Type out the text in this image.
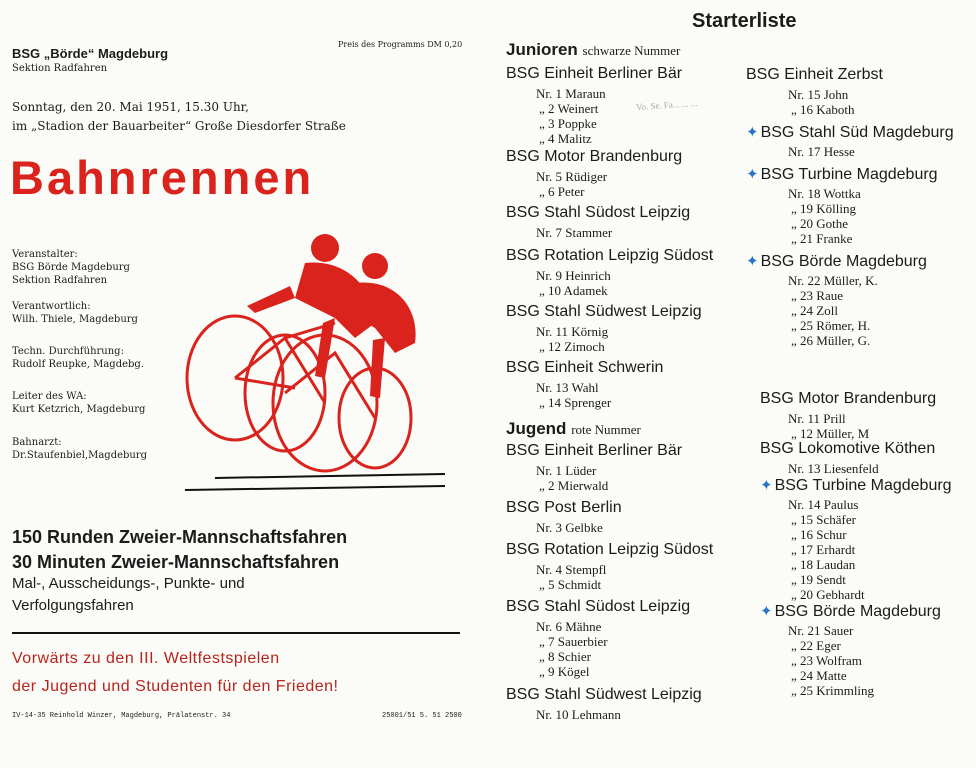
BSG „Börde“ Magdeburg
Sektion Radfahren
Preis des Programms DM 0,20
Sonntag, den 20. Mai 1951, 15.30 Uhr,
im „Stadion der Bauarbeiter“ Große Diesdorfer Straße
Bahnrennen
Veranstalter:
BSG Börde Magdeburg
Sektion Radfahren
Verantwortlich:
Wilh. Thiele, Magdeburg
Techn. Durchführung:
Rudolf Reupke, Magdebg.
Leiter des WA:
Kurt Ketzrich, Magdeburg
Bahnarzt:
Dr.Staufenbiel,Magdeburg
150 Runden Zweier-Mannschaftsfahren
30 Minuten Zweier-Mannschaftsfahren
Mal-, Ausscheidungs-, Punkte- und
Verfolgungsfahren
Vorwärts zu den III. Weltfestspielen
der Jugend und Studenten für den Frieden!
IV-14-35 Reinhold Winzer, Magdeburg, Prälatenstr. 34	25001/51 5. 51 2500
Starterliste
Vo. Se. Fa... ... ...
Junioren schwarze Nummer
BSG Einheit Berliner Bär
Nr. 1 Maraun
„ 2 Weinert
„ 3 Poppke
„ 4 Malitz
BSG Motor Brandenburg
Nr. 5 Rüdiger
„ 6 Peter
BSG Stahl Südost Leipzig
Nr. 7 Stammer
BSG Rotation Leipzig Südost
Nr. 9 Heinrich
„ 10 Adamek
BSG Stahl Südwest Leipzig
Nr. 11 Körnig
„ 12 Zimoch
BSG Einheit Schwerin
Nr. 13 Wahl
„ 14 Sprenger
Jugend rote Nummer
BSG Einheit Berliner Bär
Nr. 1 Lüder
„ 2 Mierwald
BSG Post Berlin
Nr. 3 Gelbke
BSG Rotation Leipzig Südost
Nr. 4 Stempfl
„ 5 Schmidt
BSG Stahl Südost Leipzig
Nr. 6 Mähne
„ 7 Sauerbier
„ 8 Schier
„ 9 Kögel
BSG Stahl Südwest Leipzig
Nr. 10 Lehmann
BSG Einheit Zerbst
Nr. 15 John
„ 16 Kaboth
✦ BSG Stahl Süd Magdeburg
Nr. 17 Hesse
✦ BSG Turbine Magdeburg
Nr. 18 Wottka
„ 19 Kölling
„ 20 Gothe
„ 21 Franke
✦ BSG Börde Magdeburg
Nr. 22 Müller, K.
„ 23 Raue
„ 24 Zoll
„ 25 Römer, H.
„ 26 Müller, G.
BSG Motor Brandenburg
Nr. 11 Prill
„ 12 Müller, M
BSG Lokomotive Köthen
Nr. 13 Liesenfeld
✦ BSG Turbine Magdeburg
Nr. 14 Paulus
„ 15 Schäfer
„ 16 Schur
„ 17 Erhardt
„ 18 Laudan
„ 19 Sendt
„ 20 Gebhardt
✦ BSG Börde Magdeburg
Nr. 21 Sauer
„ 22 Eger
„ 23 Wolfram
„ 24 Matte
„ 25 Krimmling
